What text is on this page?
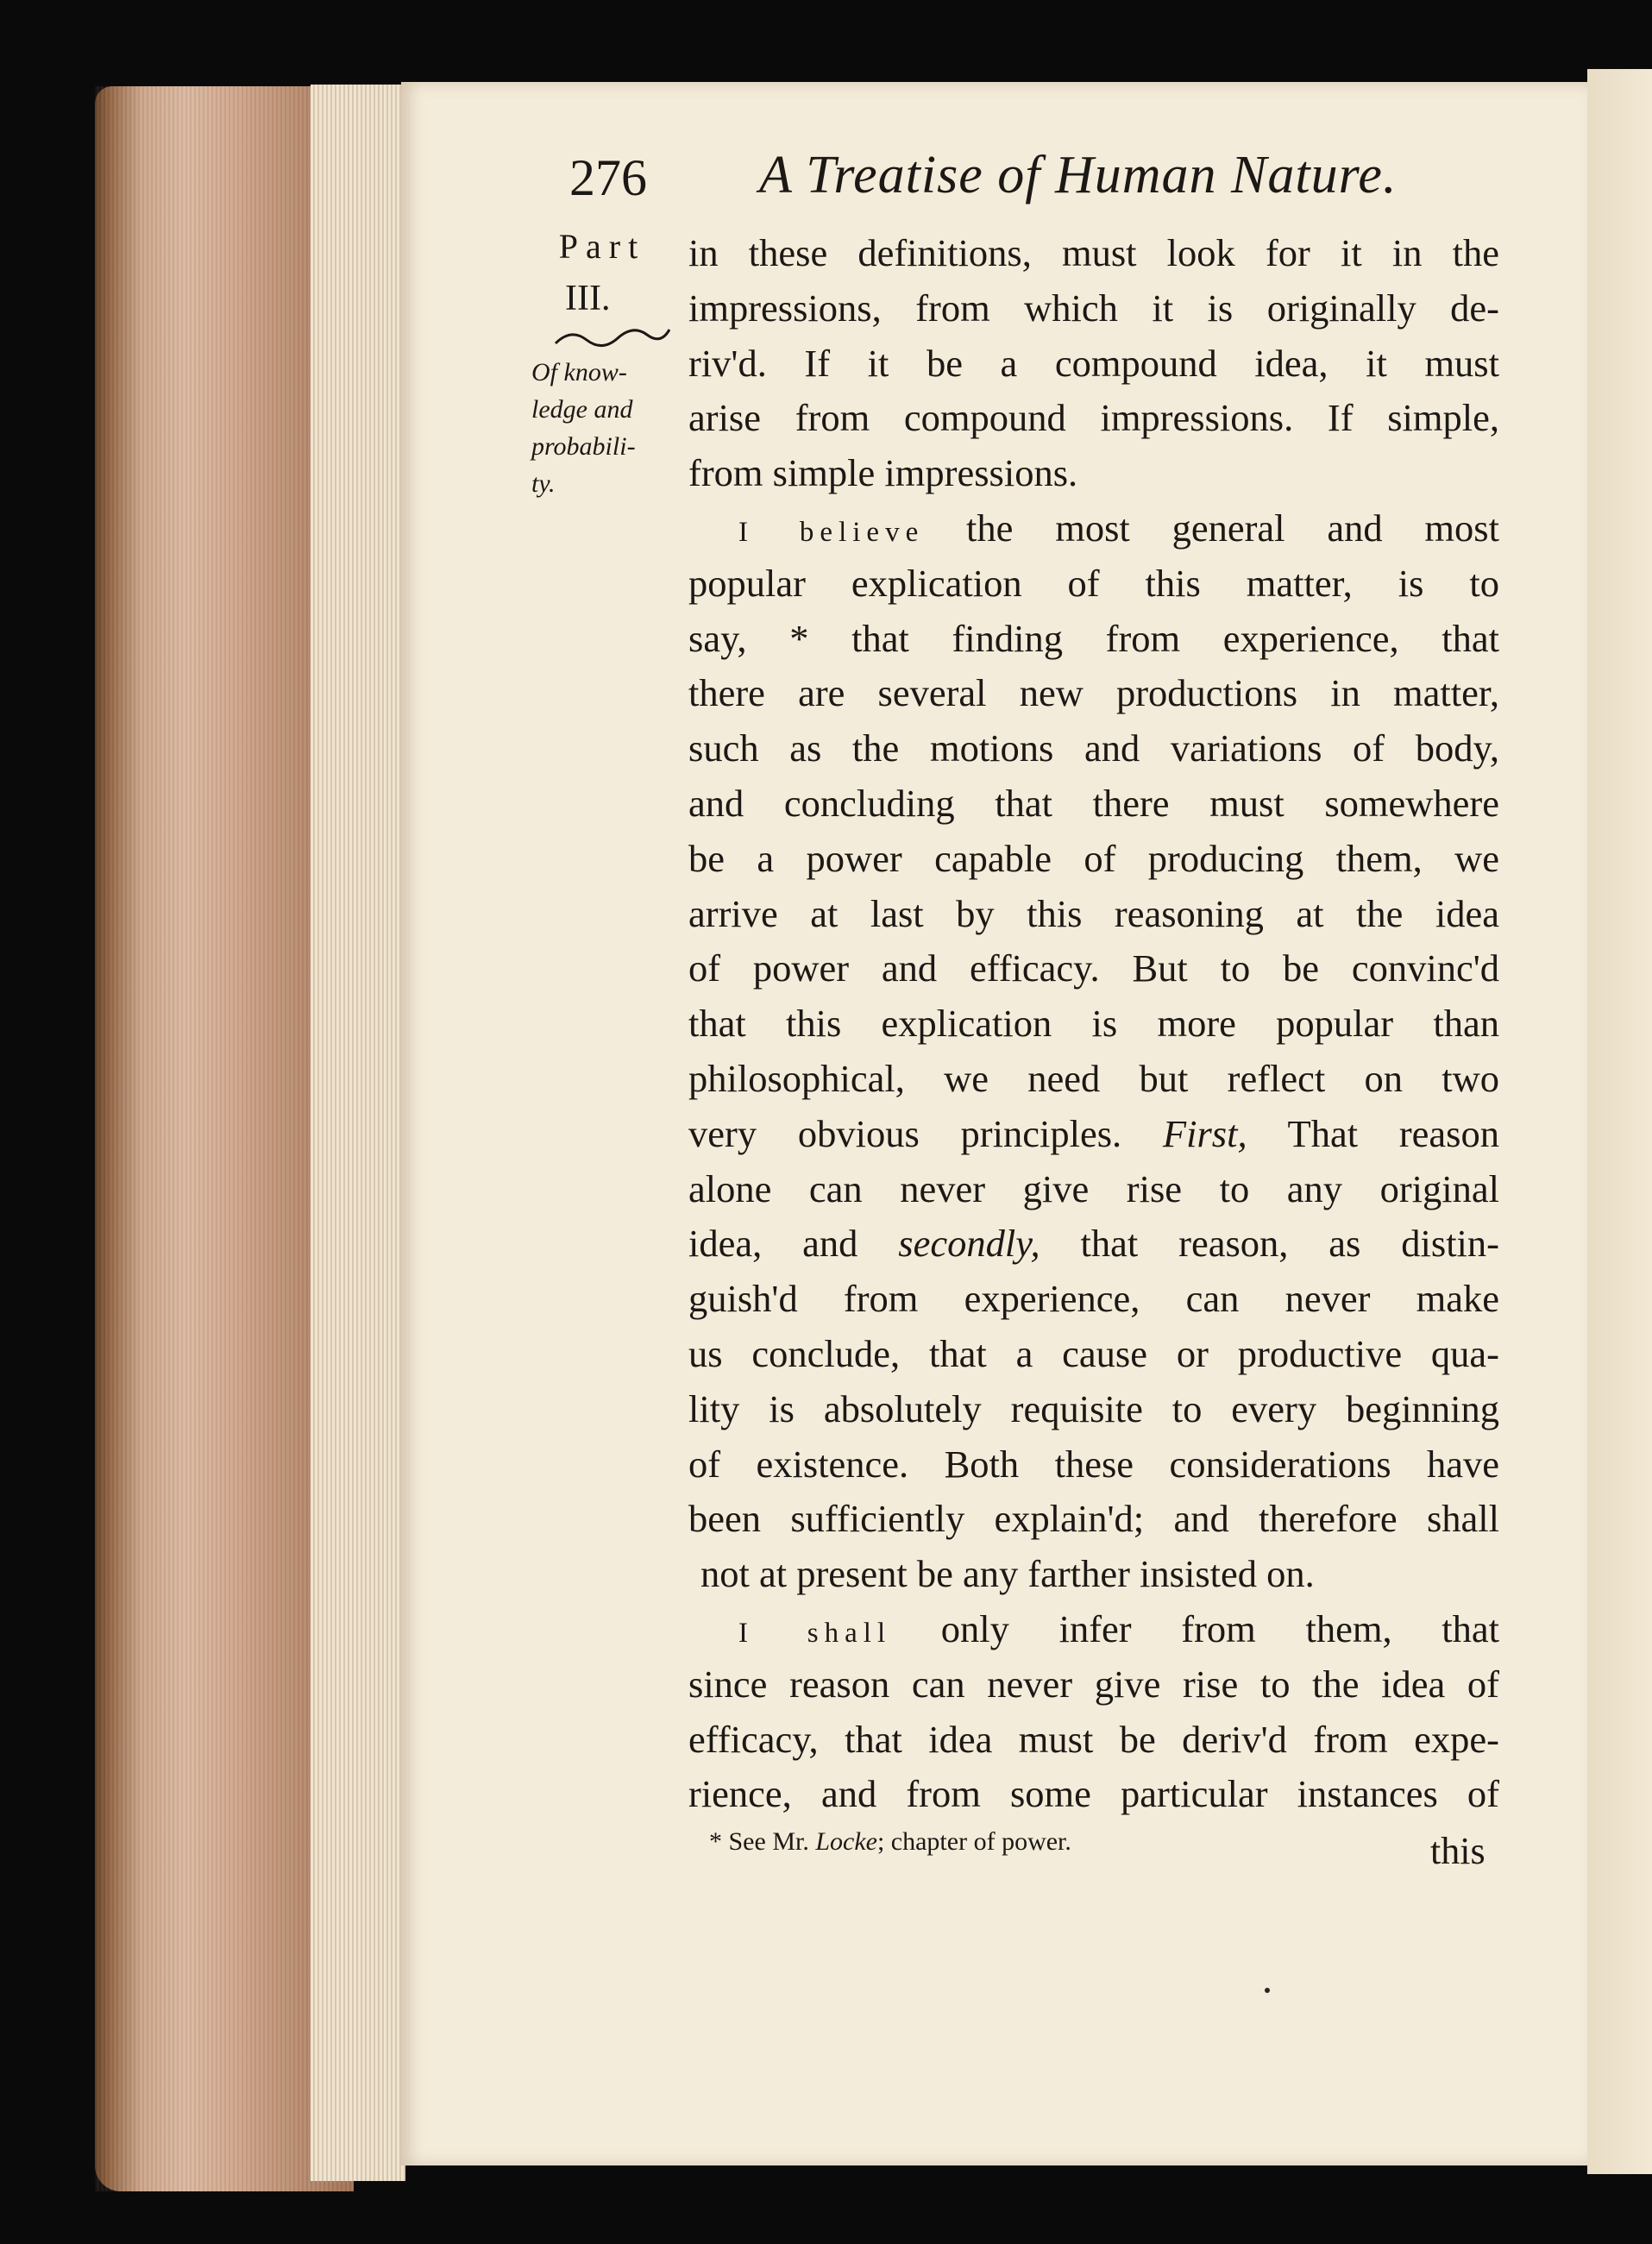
276 A Treatise of Human Nature.
Part
III.
Of know-
ledge and
probabili-
ty.
in these definitions, must look for it in the
impressions, from which it is originally de-
riv'd. If it be a compound idea, it must
arise from compound impressions. If simple,
from simple impressions.
I believe the most general and most
popular explication of this matter, is to
say, * that finding from experience, that
there are several new productions in matter,
such as the motions and variations of body,
and concluding that there must somewhere
be a power capable of producing them, we
arrive at last by this reasoning at the idea
of power and efficacy. But to be convinc'd
that this explication is more popular than
philosophical, we need but reflect on two
very obvious principles. First, That reason
alone can never give rise to any original
idea, and secondly, that reason, as distin-
guish'd from experience, can never make
us conclude, that a cause or productive qua-
lity is absolutely requisite to every beginning
of existence. Both these considerations have
been sufficiently explain'd; and therefore shall
not at present be any farther insisted on.
I shall only infer from them, that
since reason can never give rise to the idea of
efficacy, that idea must be deriv'd from expe-
rience, and from some particular instances of
* See Mr. Locke; chapter of power.	this
